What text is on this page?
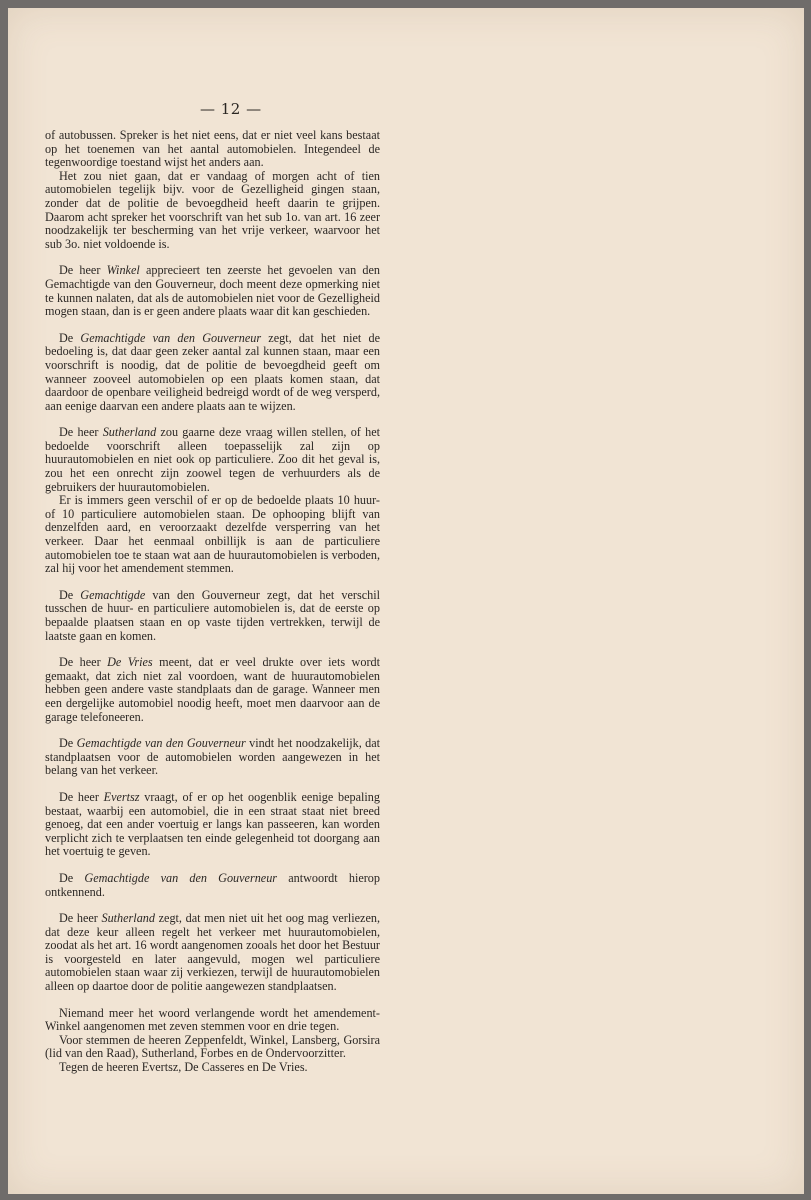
— 12 —

of autobussen. Spreker is het niet eens, dat er niet veel kans bestaat op het toenemen van het aantal automobielen. Integendeel de tegenwoordige toestand wijst het anders aan.

Het zou niet gaan, dat er vandaag of morgen acht of tien automobielen tegelijk bijv. voor de Gezelligheid gingen staan, zonder dat de politie de bevoegdheid heeft daarin te grijpen. Daarom acht spreker het voorschrift van het sub 1o. van art. 16 zeer noodzakelijk ter bescherming van het vrije verkeer, waarvoor het sub 3o. niet voldoende is.

De heer Winkel apprecieert ten zeerste het gevoelen van den Gemachtigde van den Gouverneur, doch meent deze opmerking niet te kunnen nalaten, dat als de automobielen niet voor de Gezelligheid mogen staan, dan is er geen andere plaats waar dit kan geschieden.

De Gemachtigde van den Gouverneur zegt, dat het niet de bedoeling is, dat daar geen zeker aantal zal kunnen staan, maar een voorschrift is noodig, dat de politie de bevoegdheid geeft om wanneer zooveel automobielen op een plaats komen staan, dat daardoor de openbare veiligheid bedreigd wordt of de weg versperd, aan eenige daarvan een andere plaats aan te wijzen.

De heer Sutherland zou gaarne deze vraag willen stellen, of het bedoelde voorschrift alleen toepasselijk zal zijn op huurautomobielen en niet ook op particuliere. Zoo dit het geval is, zou het een onrecht zijn zoowel tegen de verhuurders als de gebruikers der huurautomobielen.

Er is immers geen verschil of er op de bedoelde plaats 10 huur- of 10 particuliere automobielen staan. De ophooping blijft van denzelfden aard, en veroorzaakt dezelfde versperring van het verkeer. Daar het eenmaal onbillijk is aan de particuliere automobielen toe te staan wat aan de huurautomobielen is verboden, zal hij voor het amendement stemmen.

De Gemachtigde van den Gouverneur zegt, dat het verschil tusschen de huur- en particuliere automobielen is, dat de eerste op bepaalde plaatsen staan en op vaste tijden vertrekken, terwijl de laatste gaan en komen.

De heer De Vries meent, dat er veel drukte over iets wordt gemaakt, dat zich niet zal voordoen, want de huurautomobielen hebben geen andere vaste standplaats dan de garage. Wanneer men een dergelijke automobiel noodig heeft, moet men daarvoor aan de garage telefoneeren.

De Gemachtigde van den Gouverneur vindt het noodzakelijk, dat standplaatsen voor de automobielen worden aangewezen in het belang van het verkeer.

De heer Evertsz vraagt, of er op het oogenblik eenige bepaling bestaat, waarbij een automobiel, die in een straat staat niet breed genoeg, dat een ander voertuig er langs kan passeeren, kan worden verplicht zich te verplaatsen ten einde gelegenheid tot doorgang aan het voertuig te geven.

De Gemachtigde van den Gouverneur antwoordt hierop ontkennend.

De heer Sutherland zegt, dat men niet uit het oog mag verliezen, dat deze keur alleen regelt het verkeer met huurautomobielen, zoodat als het art. 16 wordt aangenomen zooals het door het Bestuur is voorgesteld en later aangevuld, mogen wel particuliere automobielen staan waar zij verkiezen, terwijl de huurautomobielen alleen op daartoe door de politie aangewezen standplaatsen.

Niemand meer het woord verlangende wordt het amendement-Winkel aangenomen met zeven stemmen voor en drie tegen.

Voor stemmen de heeren Zeppenfeldt, Winkel, Lansberg, Gorsira (lid van den Raad), Sutherland, Forbes en de Ondervoorzitter.

Tegen de heeren Evertsz, De Casseres en De Vries.
